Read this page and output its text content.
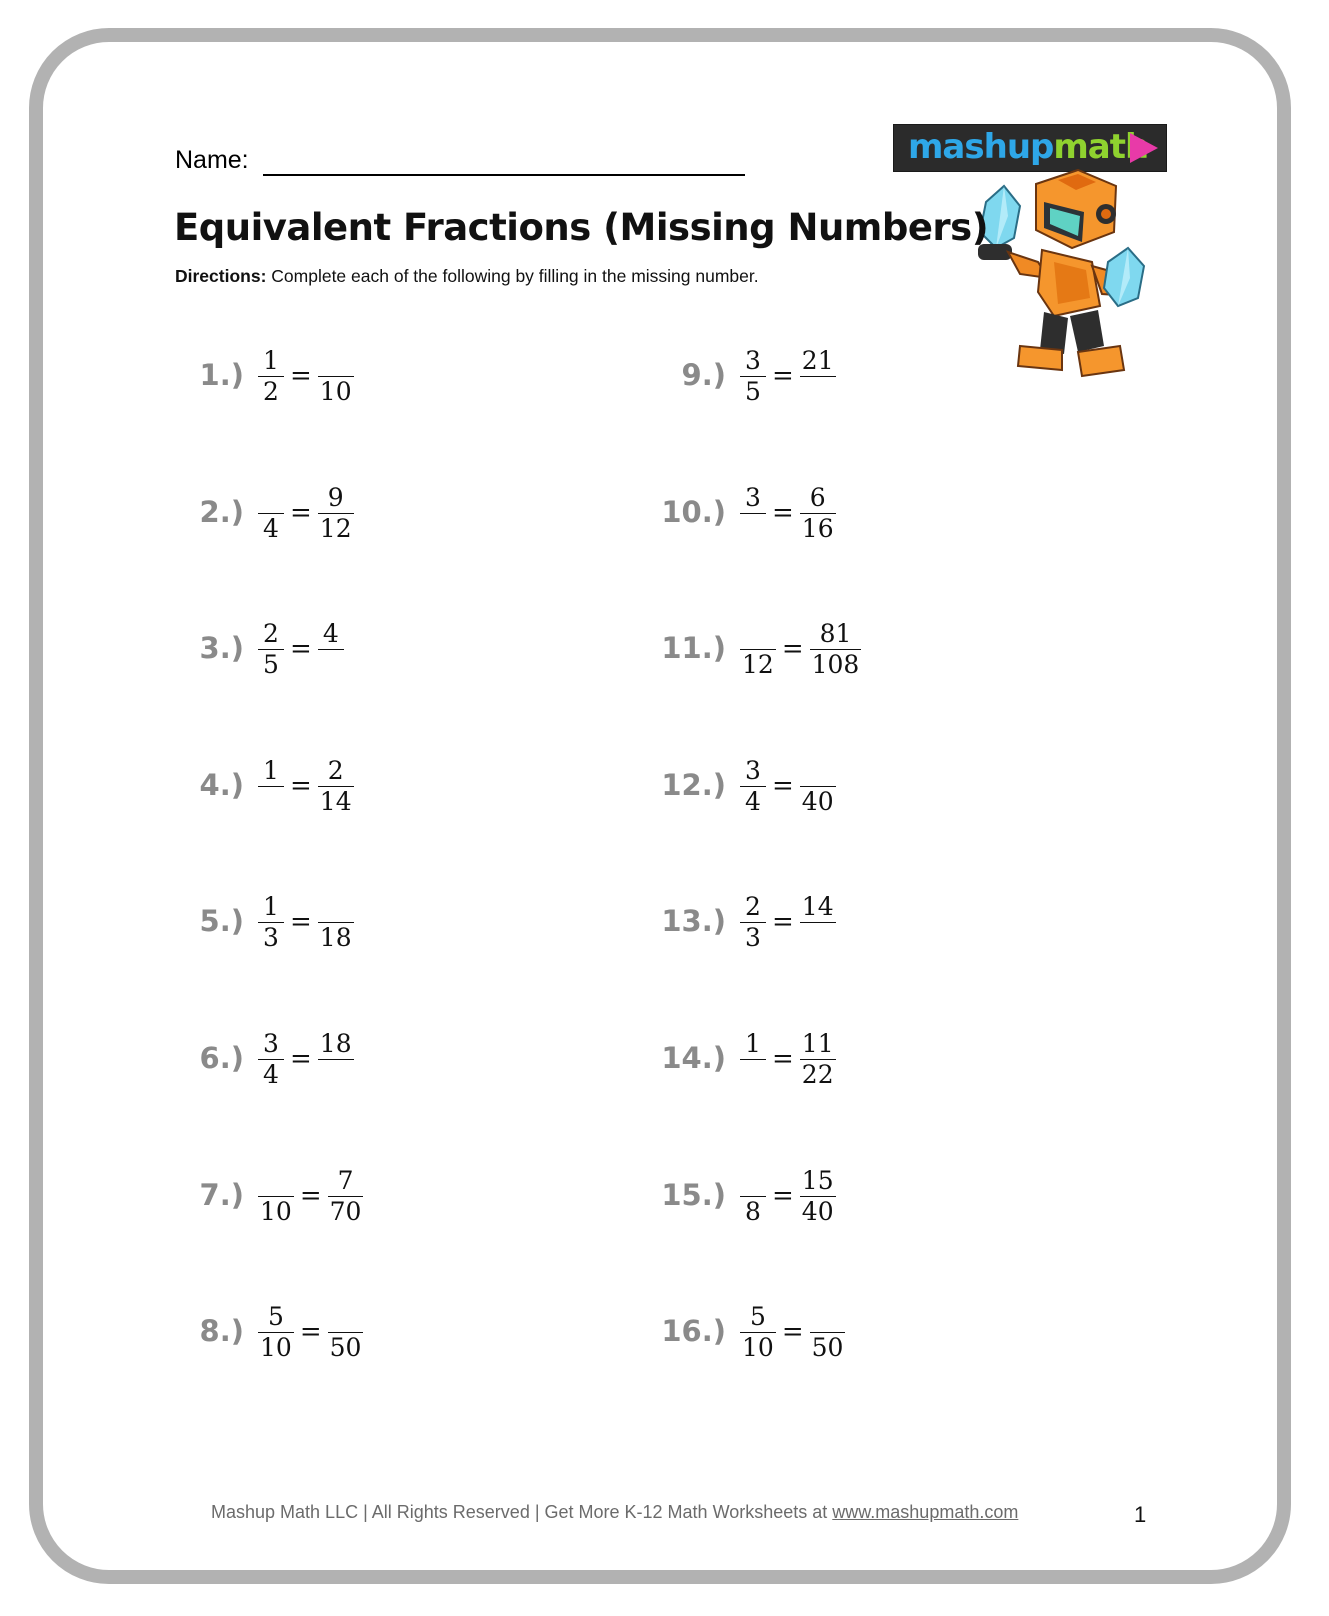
Name:	mashupmath
Equivalent Fractions (Missing Numbers)
Directions: Complete each of the following by filling in the missing number.
$1.) \frac{1}{2} = 10$
2.) $4 = \frac{9}{12}$
$3.) \frac{2}{5}$ =
4
4.) 1
= $\frac{2}{14}$
$5.) \frac{1}{3} = 18$
$6.) \frac{3}{4}$ =
18
7.) $10 = \frac{7}{70}$
$8.) \frac{5}{10} = 50$
$9.) \frac{3}{5}$ =
21
10.) 3
= $\frac{6}{16}$
11.) $12 = \frac{81}{108}$
$12.) \frac{3}{4} = 40$
$13.) \frac{2}{3}$ =
14
14.) 1
= $\frac{11}{22}$
15.) $8 = \frac{15}{40}$
$16.) \frac{5}{10} = 50$
Mashup Math LLC | All Rights Reserved | Get More K-12 Math Worksheets at www.mashupmath.com	1
